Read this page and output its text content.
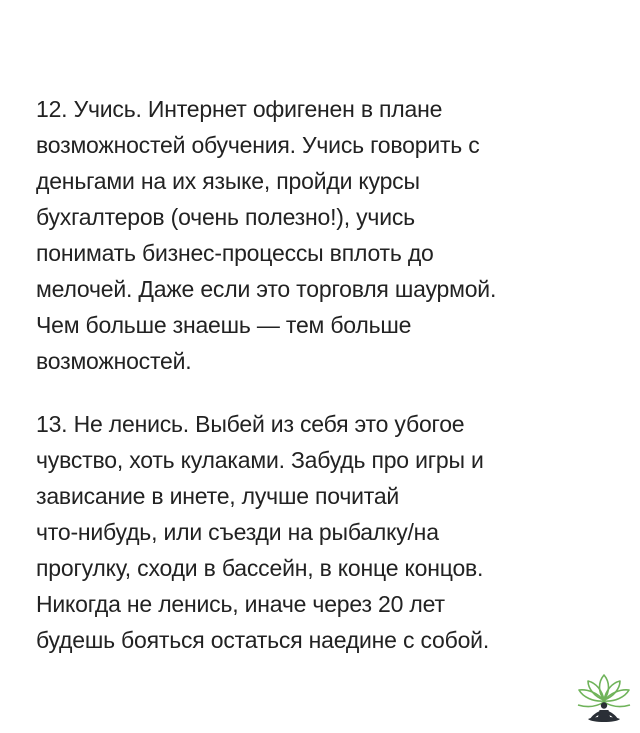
12. Учись. Интернет офигенен в плане
возможностей обучения. Учись говорить с
деньгами на их языке, пройди курсы
бухгалтеров (очень полезно!), учись
понимать бизнес-процессы вплоть до
мелочей. Даже если это торговля шаурмой.
Чем больше знаешь — тем больше
возможностей.
13. Не ленись. Выбей из себя это убогое
чувство, хоть кулаками. Забудь про игры и
зависание в инете, лучше почитай
что-нибудь, или съезди на рыбалку/на
прогулку, сходи в бассейн, в конце концов.
Никогда не ленись, иначе через 20 лет
будешь бояться остаться наедине с собой.
